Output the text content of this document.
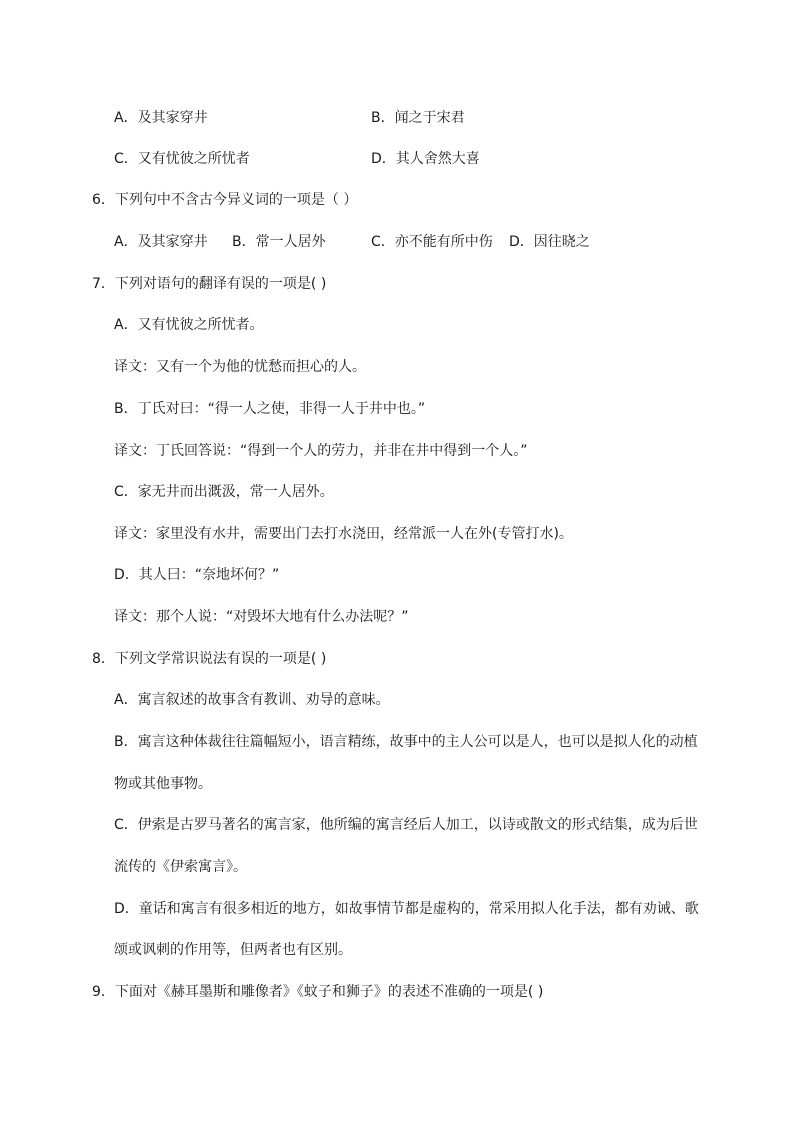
A．及其家穿井	B．闻之于宋君
C．又有忧彼之所忧者	D．其人舍然大喜
6．下列句中不含古今异义词的一项是（ ）
A．及其家穿井 B．常一人居外	C．亦不能有所中伤 D．因往晓之
7．下列对语句的翻译有误的一项是( )
A．又有忧彼之所忧者。
译文：又有一个为他的忧愁而担心的人。
B．丁氏对曰：“得一人之使，非得一人于井中也。”
译文：丁氏回答说：“得到一个人的劳力，并非在井中得到一个人。”
C．家无井而出溉汲，常一人居外。
译文：家里没有水井，需要出门去打水浇田，经常派一人在外(专管打水)。
D．其人曰：“奈地坏何？”
译文：那个人说：“对毁坏大地有什么办法呢？”
8．下列文学常识说法有误的一项是( )
A．寓言叙述的故事含有教训、劝导的意味。
B．寓言这种体裁往往篇幅短小，语言精练，故事中的主人公可以是人，也可以是拟人化的动植
物或其他事物。
C．伊索是古罗马著名的寓言家，他所编的寓言经后人加工，以诗或散文的形式结集，成为后世
流传的《伊索寓言》。
D．童话和寓言有很多相近的地方，如故事情节都是虚构的，常采用拟人化手法，都有劝诫、歌
颂或讽刺的作用等，但两者也有区别。
9．下面对《赫耳墨斯和雕像者》《蚊子和狮子》的表述不准确的一项是( )
